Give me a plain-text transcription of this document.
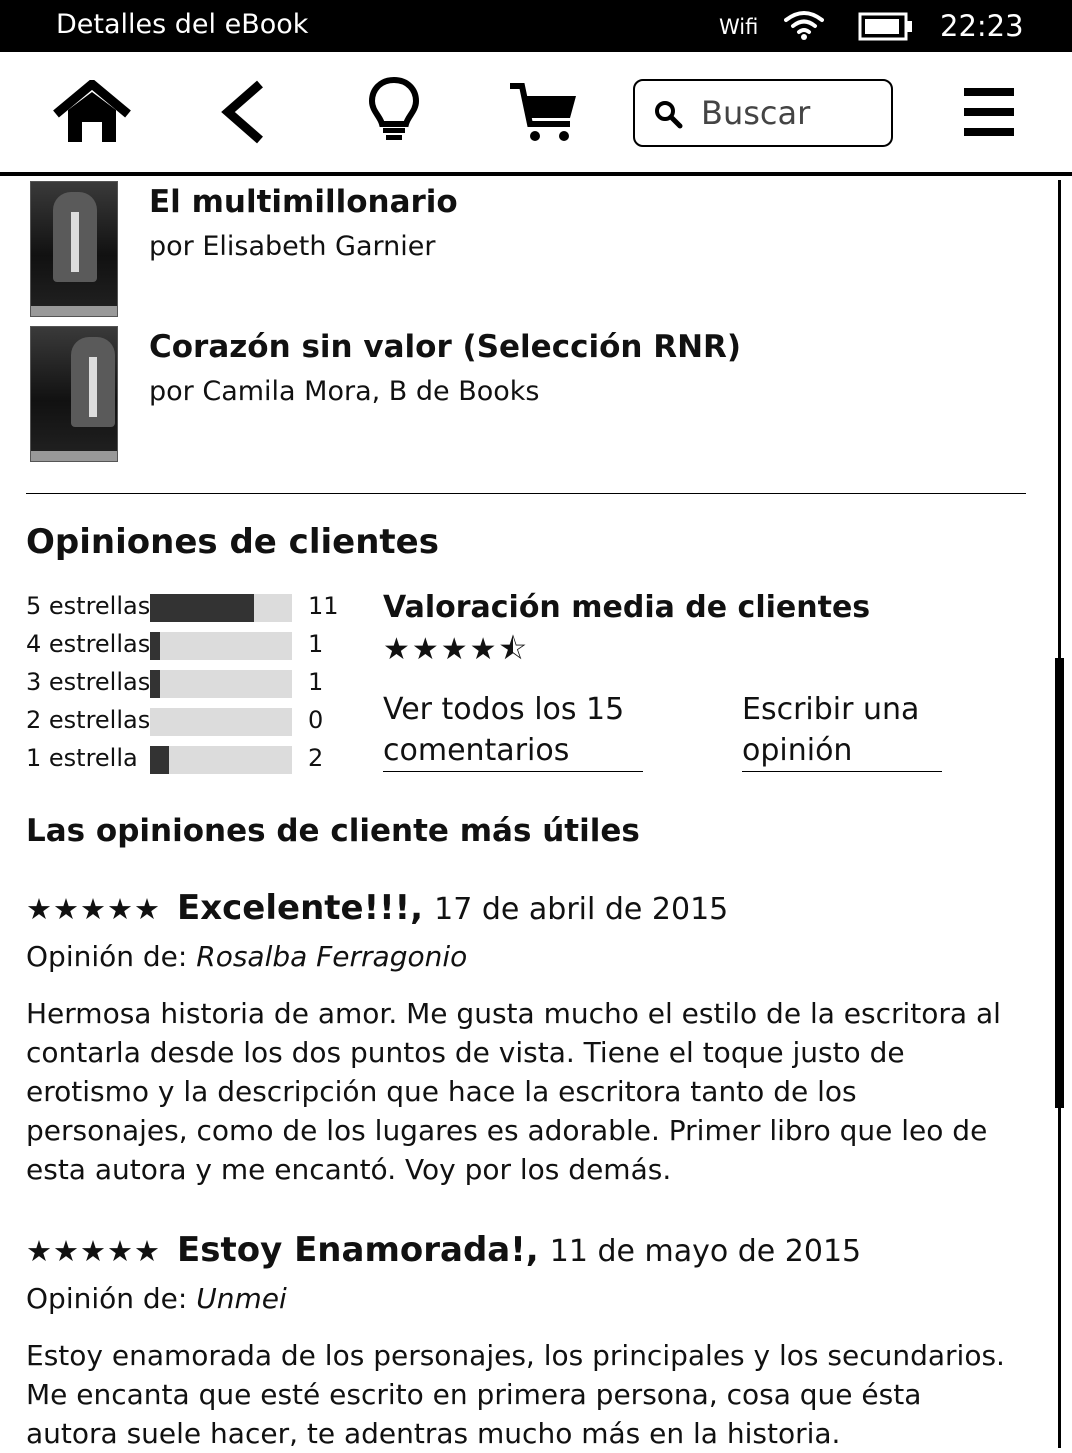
Detalles del eBook	Wifi	22:23
Buscar
El multimillonario
por Elisabeth Garnier
Corazón sin valor (Selección RNR)
por Camila Mora, B de Books
Opiniones de clientes
5 estrellas	11
4 estrellas	1
3 estrellas	1
2 estrellas	0
1 estrella	2
Valoración media de clientes
★★★★⯪
Ver todos los 15 comentarios
Escribir una opinión
Las opiniones de cliente más útiles
★★★★★ Excelente!!!, 17 de abril de 2015
Opinión de: Rosalba Ferragonio
Hermosa historia de amor. Me gusta mucho el estilo de la escritora al contarla desde los dos puntos de vista. Tiene el toque justo de erotismo y la descripción que hace la escritora tanto de los personajes, como de los lugares es adorable. Primer libro que leo de esta autora y me encantó. Voy por los demás.
★★★★★ Estoy Enamorada!, 11 de mayo de 2015
Opinión de: Unmei
Estoy enamorada de los personajes, los principales y los secundarios. Me encanta que esté escrito en primera persona, cosa que ésta autora suele hacer, te adentras mucho más en la historia.
